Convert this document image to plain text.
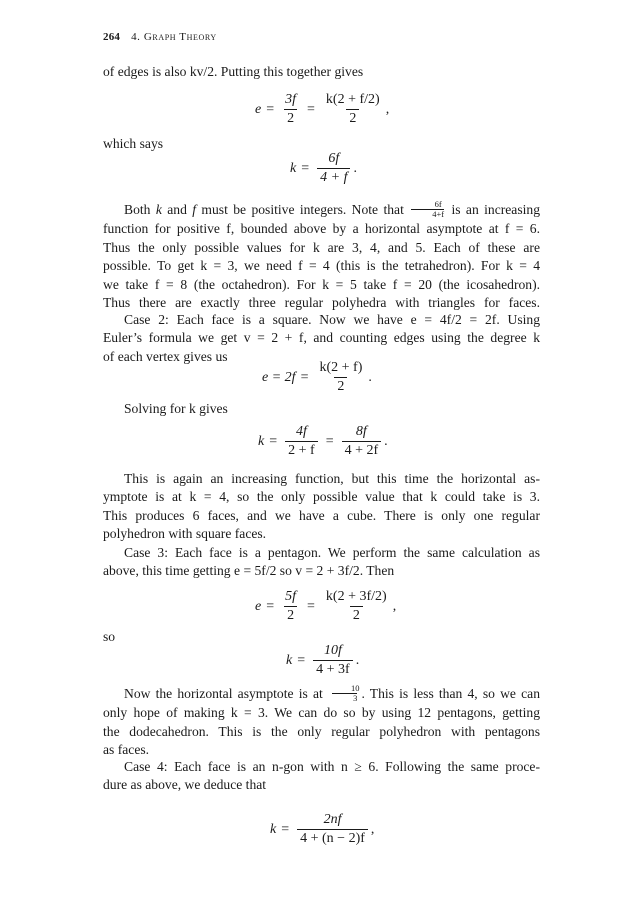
264 4. Graph Theory
of edges is also kv/2. Putting this together gives
$e = \frac{3f}{2} = \frac{k(2 + f/2)}{2}$ ,
which says
$k = \frac{6f}{4 + f}$ .
Both k and f must be positive integers. Note that $\frac{6f}{4+f}$ is an increasing
function for positive f, bounded above by a horizontal asymptote at f = 6.
Thus the only possible values for k are 3, 4, and 5. Each of these are
possible. To get k = 3, we need f = 4 (this is the tetrahedron). For k = 4
we take f = 8 (the octahedron). For k = 5 take f = 20 (the icosahedron).
Thus there are exactly three regular polyhedra with triangles for faces.
Case 2: Each face is a square. Now we have e = 4f/2 = 2f. Using
Euler’s formula we get v = 2 + f, and counting edges using the degree k
of each vertex gives us
$e = 2f = \frac{k(2 + f)}{2}$ .
Solving for k gives
$k = \frac{4f}{2 + f} = \frac{8f}{4 + 2f}$ .
This is again an increasing function, but this time the horizontal as-
ymptote is at k = 4, so the only possible value that k could take is 3.
This produces 6 faces, and we have a cube. There is only one regular
polyhedron with square faces.
Case 3: Each face is a pentagon. We perform the same calculation as
above, this time getting e = 5f/2 so v = 2 + 3f/2. Then
$e = \frac{5f}{2} = \frac{k(2 + 3f/2)}{2}$ ,
so
$k = \frac{10f}{4 + 3f}$ .
Now the horizontal asymptote is at $\frac{10}{3}$ . This is less than 4, so we can
only hope of making k = 3. We can do so by using 12 pentagons, getting
the dodecahedron. This is the only regular polyhedron with pentagons
as faces.
Case 4: Each face is an n-gon with n ≥ 6. Following the same proce-
dure as above, we deduce that
$k = \frac{2nf}{4 + (n - 2)f}$ ,
